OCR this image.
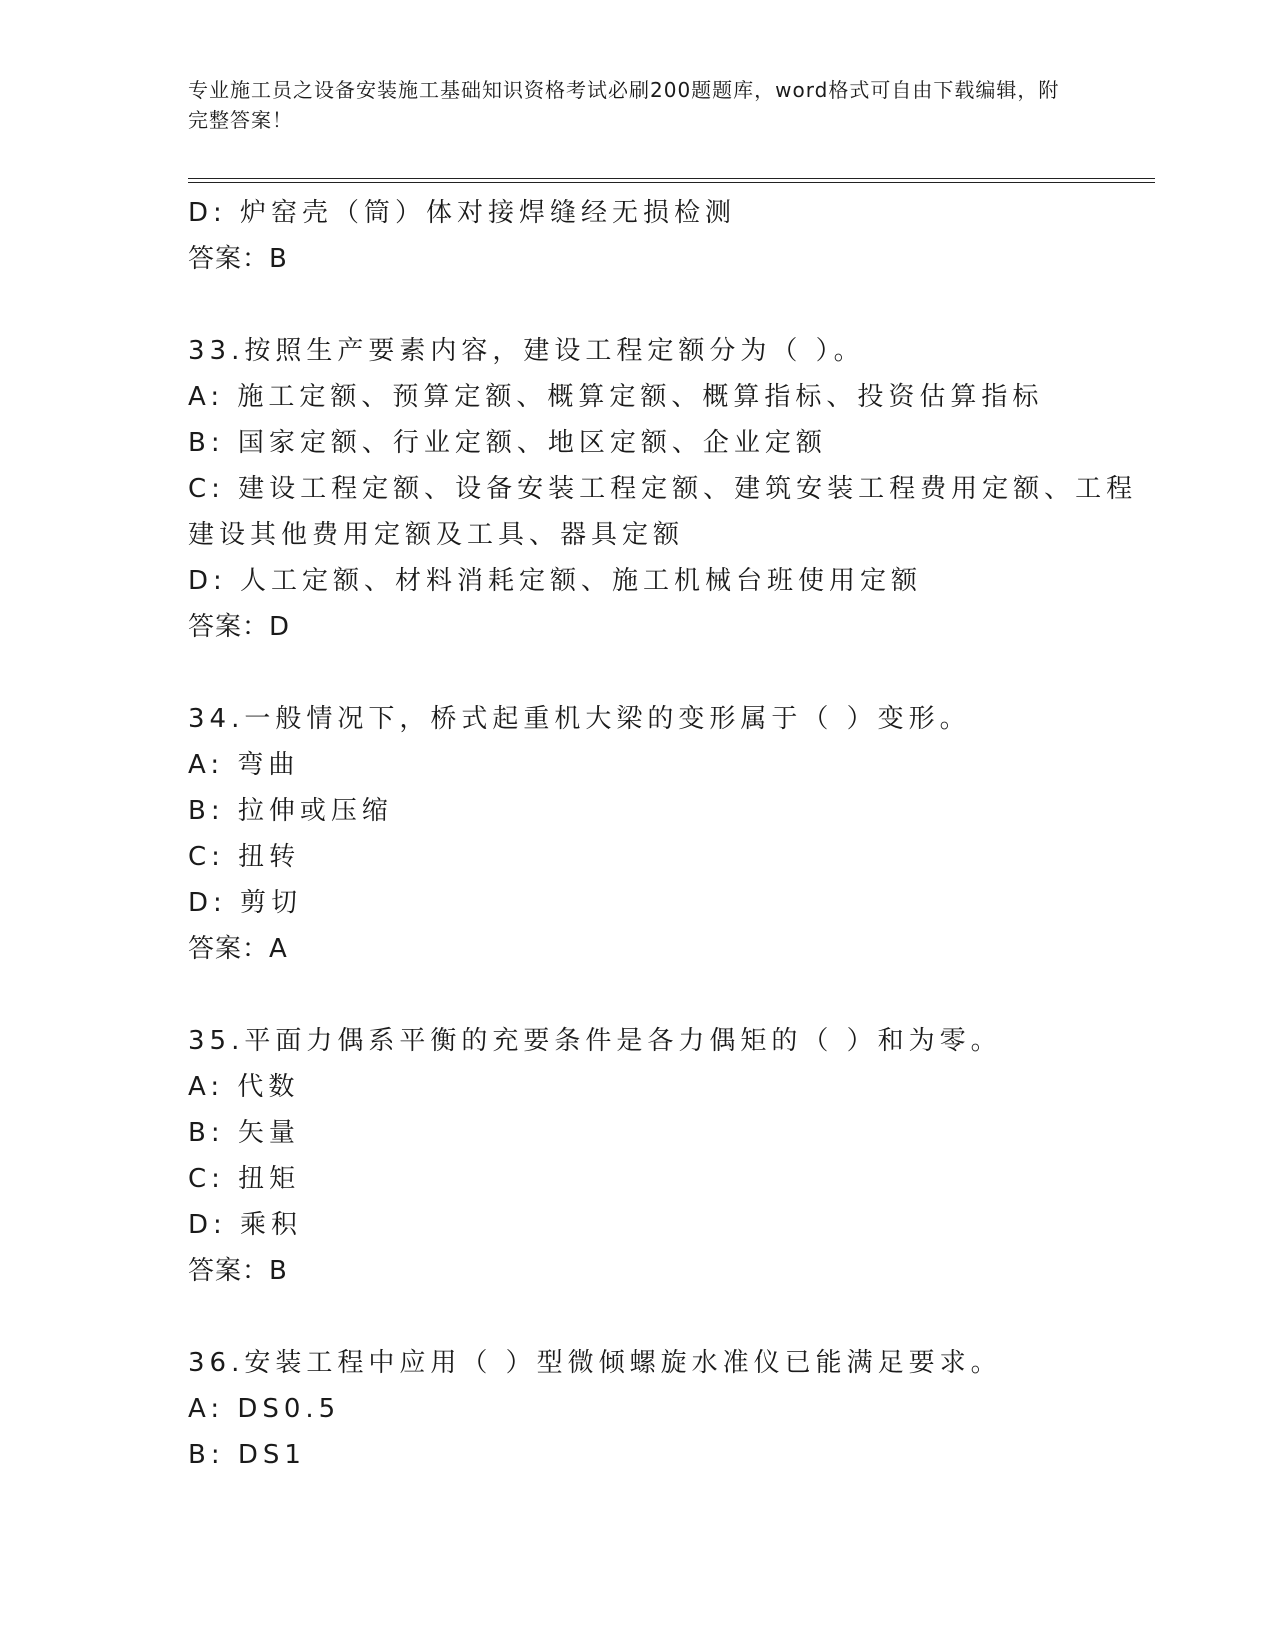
专业施工员之设备安装施工基础知识资格考试必刷200题题库，word格式可自由下载编辑，附完整答案！
D: 炉窑壳（筒）体对接焊缝经无损检测
答案：B
33.按照生产要素内容，建设工程定额分为（ ）。
A: 施工定额、预算定额、概算定额、概算指标、投资估算指标
B: 国家定额、行业定额、地区定额、企业定额
C: 建设工程定额、设备安装工程定额、建筑安装工程费用定额、工程建设其他费用定额及工具、器具定额
D: 人工定额、材料消耗定额、施工机械台班使用定额
答案：D
34.一般情况下，桥式起重机大梁的变形属于（ ）变形。
A: 弯曲
B: 拉伸或压缩
C: 扭转
D: 剪切
答案：A
35.平面力偶系平衡的充要条件是各力偶矩的（ ）和为零。
A: 代数
B: 矢量
C: 扭矩
D: 乘积
答案：B
36.安装工程中应用（ ）型微倾螺旋水准仪已能满足要求。
A: DS0.5
B: DS1
